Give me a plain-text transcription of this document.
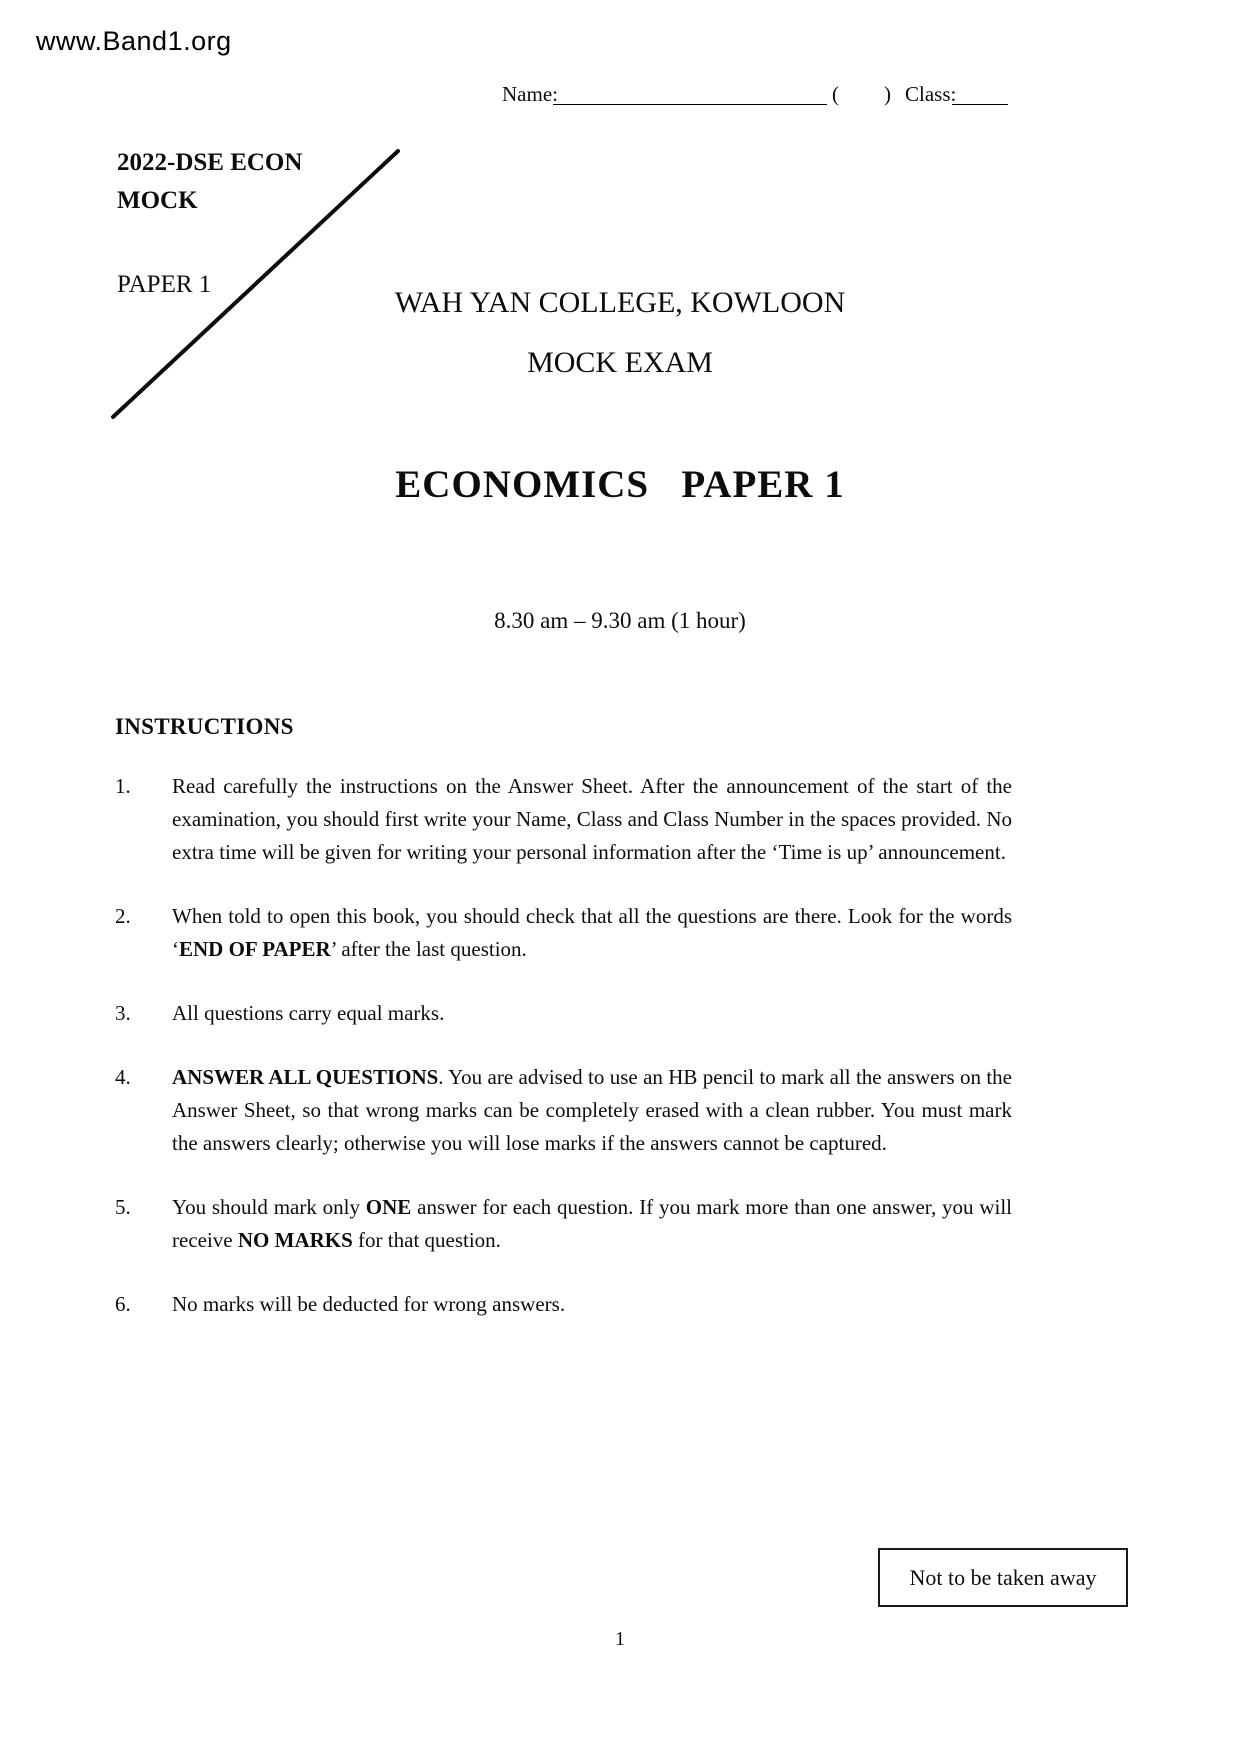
www.Band1.org
Name:	( ) Class:
2022-DSE ECON
MOCK
PAPER 1
WAH YAN COLLEGE, KOWLOON
MOCK EXAM
ECONOMICS   PAPER 1
8.30 am – 9.30 am (1 hour)
INSTRUCTIONS
1.	Read carefully the instructions on the Answer Sheet. After the announcement of the start of the examination, you should first write your Name, Class and Class Number in the spaces provided. No extra time will be given for writing your personal information after the ‘Time is up’ announcement.
2.	When told to open this book, you should check that all the questions are there. Look for the words ‘END OF PAPER’ after the last question.
3.	All questions carry equal marks.
4.	ANSWER ALL QUESTIONS. You are advised to use an HB pencil to mark all the answers on the Answer Sheet, so that wrong marks can be completely erased with a clean rubber. You must mark the answers clearly; otherwise you will lose marks if the answers cannot be captured.
5.	You should mark only ONE answer for each question. If you mark more than one answer, you will receive NO MARKS for that question.
6.	No marks will be deducted for wrong answers.
Not to be taken away
1
